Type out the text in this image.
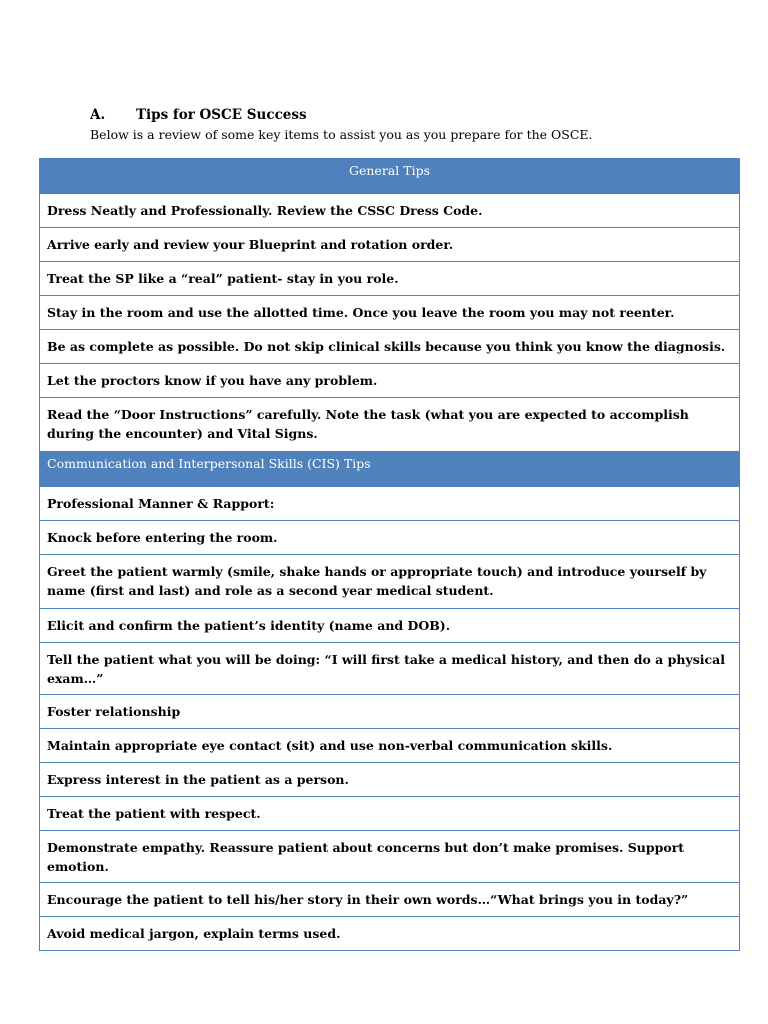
A. Tips for OSCE Success
Below is a review of some key items to assist you as you prepare for the OSCE.
General Tips
Dress Neatly and Professionally. Review the CSSC Dress Code.
Arrive early and review your Blueprint and rotation order.
Treat the SP like a “real” patient- stay in you role.
Stay in the room and use the allotted time. Once you leave the room you may not reenter.
Be as complete as possible. Do not skip clinical skills because you think you know the diagnosis.
Let the proctors know if you have any problem.
Read the “Door Instructions” carefully. Note the task (what you are expected to accomplish during the encounter) and Vital Signs.
Communication and Interpersonal Skills (CIS) Tips
Professional Manner & Rapport:
Knock before entering the room.
Greet the patient warmly (smile, shake hands or appropriate touch) and introduce yourself by name (first and last) and role as a second year medical student.
Elicit and confirm the patient’s identity (name and DOB).
Tell the patient what you will be doing: “I will first take a medical history, and then do a physical exam…”
Foster relationship
Maintain appropriate eye contact (sit) and use non-verbal communication skills.
Express interest in the patient as a person.
Treat the patient with respect.
Demonstrate empathy. Reassure patient about concerns but don’t make promises. Support emotion.
Encourage the patient to tell his/her story in their own words…“What brings you in today?”
Avoid medical jargon, explain terms used.
